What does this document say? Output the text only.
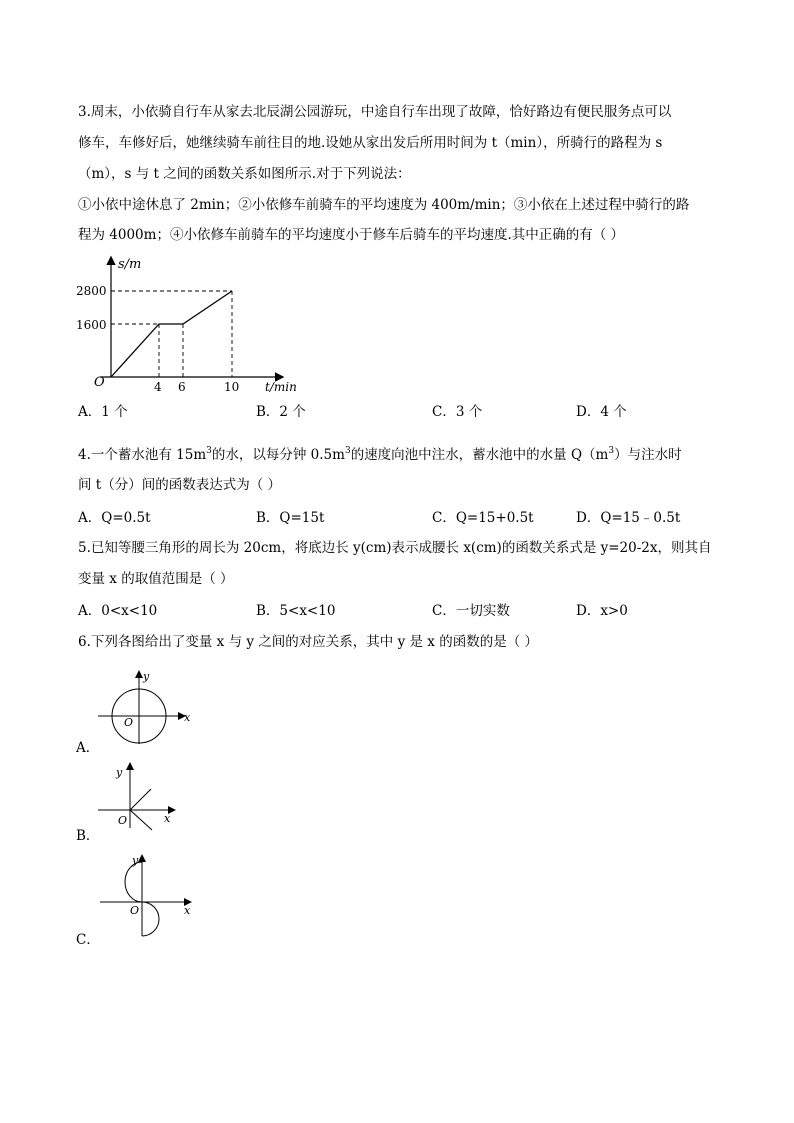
3.周末，小依骑自行车从家去北辰湖公园游玩，中途自行车出现了故障，恰好路边有便民服务点可以
修车，车修好后，她继续骑车前往目的地.设她从家出发后所用时间为 t（min），所骑行的路程为 s
（m），s 与 t 之间的函数关系如图所示.对于下列说法：
①小依中途休息了 2min；②小依修车前骑车的平均速度为 400m/min；③小依在上述过程中骑行的路
程为 4000m；④小依修车前骑车的平均速度小于修车后骑车的平均速度.其中正确的有（ ）
s/m
2800
1600
O	4 6	10 t/min
A．1 个	B．2 个	C．3 个	D．4 个
4.一个蓄水池有 $15m^3$的水，以每分钟 $0.5m^3$的速度向池中注水，蓄水池中的水量 $Q(m^3)$与注水时
间 t（分）间的函数表达式为（ ）
A．Q=0.5t	B．Q=15t	C．Q=15+0.5t	D．Q=15﹣0.5t
5.已知等腰三角形的周长为 20cm，将底边长 y(cm)表示成腰长 x(cm)的函数关系式是 y=20-2x，则其自
变量 x 的取值范围是（ ）
A．0<x<10	B．5<x<10	C．一切实数	D．x>0
6.下列各图给出了变量 x 与 y 之间的对应关系，其中 y 是 x 的函数的是（ ）
y
x
O
A．
y
x
O
B．
y
x
O
C．
